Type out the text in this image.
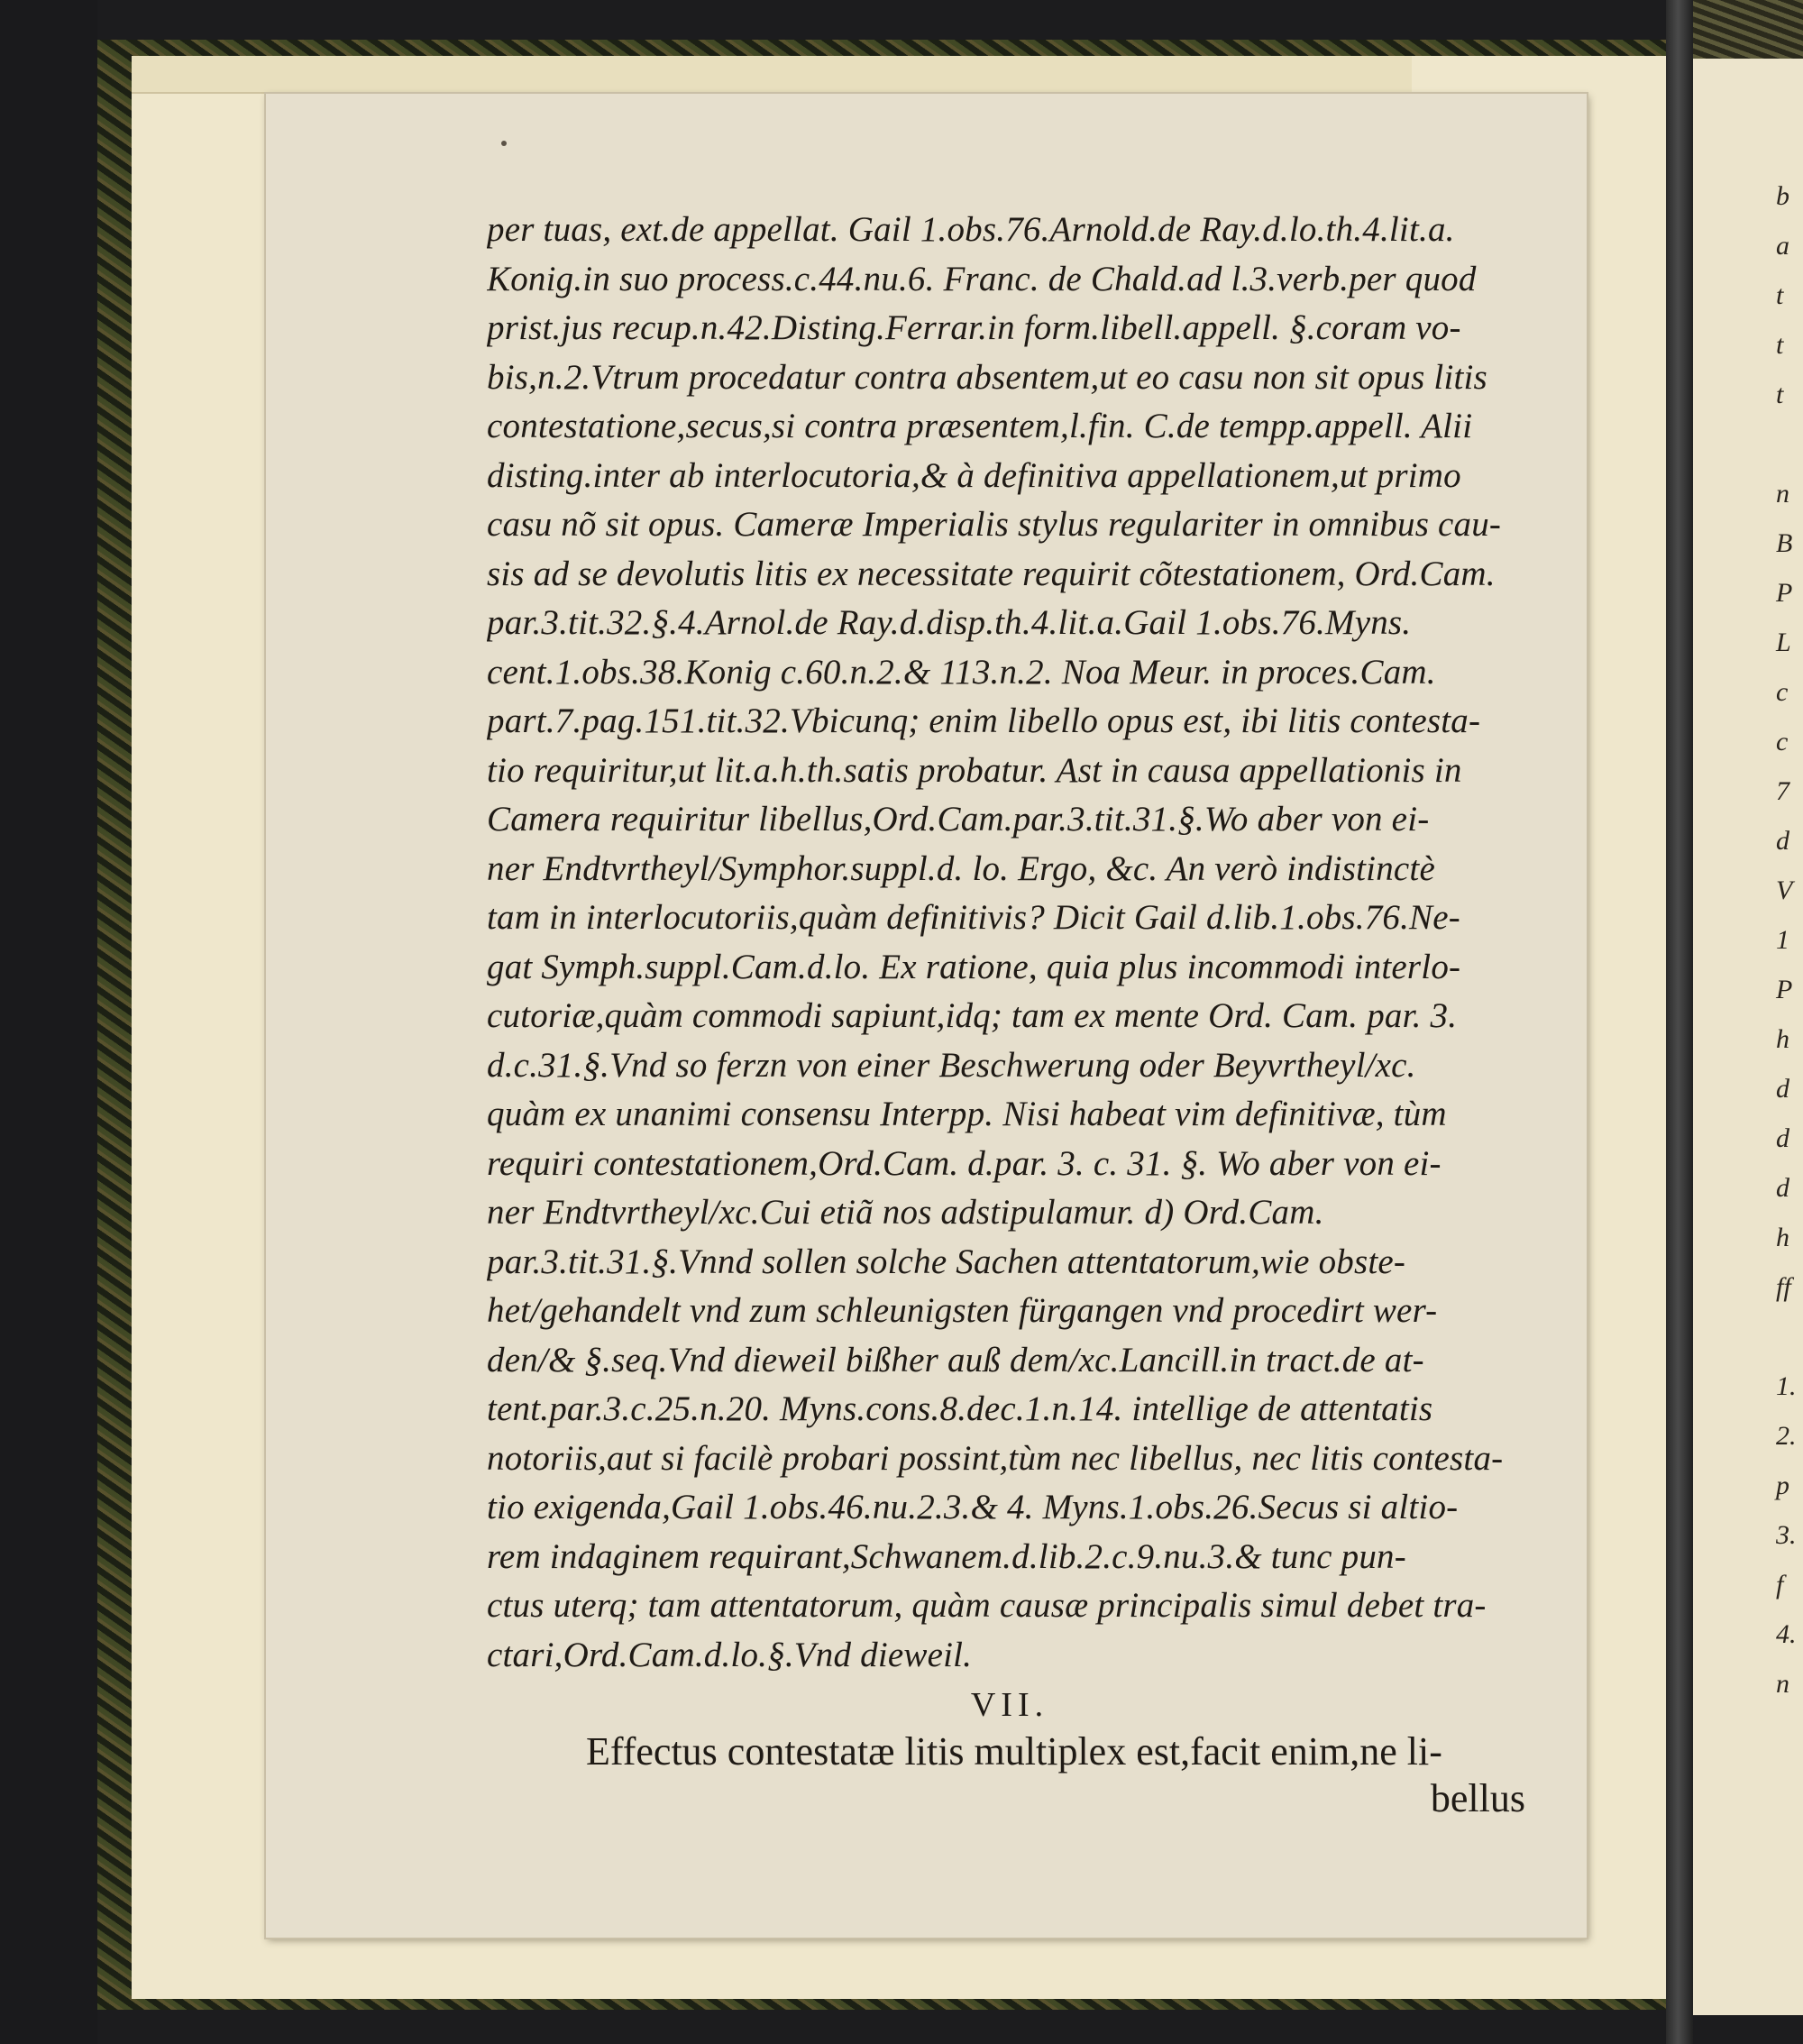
b
a
t
t
t
n
B
P
L
c
c
7
d
V
1
P
h
d
d
d
h
ff
1.
2.
p
3.
f
4.
n
per tuas, ext.de appellat. Gail 1.obs.76.Arnold.de Ray.d.lo.th.4.lit.a.
Konig.in suo process.c.44.nu.6. Franc. de Chald.ad l.3.verb.per quod
prist.jus recup.n.42.Disting.Ferrar.in form.libell.appell. §.coram vo-
bis,n.2.Vtrum procedatur contra absentem,ut eo casu non sit opus litis
contestatione,secus,si contra præsentem,l.fin. C.de tempp.appell. Alii
disting.inter ab interlocutoria,& à definitiva appellationem,ut primo
casu nõ sit opus. Cameræ Imperialis stylus regulariter in omnibus cau-
sis ad se devolutis litis ex necessitate requirit cõtestationem, Ord.Cam.
par.3.tit.32.§.4.Arnol.de Ray.d.disp.th.4.lit.a.Gail 1.obs.76.Myns.
cent.1.obs.38.Konig c.60.n.2.& 113.n.2. Noa Meur. in proces.Cam.
part.7.pag.151.tit.32.Vbicunq; enim libello opus est, ibi litis contesta-
tio requiritur,ut lit.a.h.th.satis probatur. Ast in causa appellationis in
Camera requiritur libellus,Ord.Cam.par.3.tit.31.§.Wo aber von ei-
ner Endtvrtheyl/Symphor.suppl.d. lo. Ergo, &c. An verò indistinctè
tam in interlocutoriis,quàm definitivis? Dicit Gail d.lib.1.obs.76.Ne-
gat Symph.suppl.Cam.d.lo. Ex ratione, quia plus incommodi interlo-
cutoriæ,quàm commodi sapiunt,idq; tam ex mente Ord. Cam. par. 3.
d.c.31.§.Vnd so ferzn von einer Beschwerung oder Beyvrtheyl/xc.
quàm ex unanimi consensu Interpp. Nisi habeat vim definitivæ, tùm
requiri contestationem,Ord.Cam. d.par. 3. c. 31. §. Wo aber von ei-
ner Endtvrtheyl/xc.Cui etiã nos adstipulamur. d) Ord.Cam.
par.3.tit.31.§.Vnnd sollen solche Sachen attentatorum,wie obste-
het/gehandelt vnd zum schleunigsten fürgangen vnd procedirt wer-
den/& §.seq.Vnd dieweil bißher auß dem/xc.Lancill.in tract.de at-
tent.par.3.c.25.n.20. Myns.cons.8.dec.1.n.14. intellige de attentatis
notoriis,aut si facilè probari possint,tùm nec libellus, nec litis contesta-
tio exigenda,Gail 1.obs.46.nu.2.3.& 4. Myns.1.obs.26.Secus si altio-
rem indaginem requirant,Schwanem.d.lib.2.c.9.nu.3.& tunc pun-
ctus uterq; tam attentatorum, quàm causæ principalis simul debet tra-
ctari,Ord.Cam.d.lo.§.Vnd dieweil.
VII.
Effectus contestatæ litis multiplex est,facit enim,ne li-
bellus
